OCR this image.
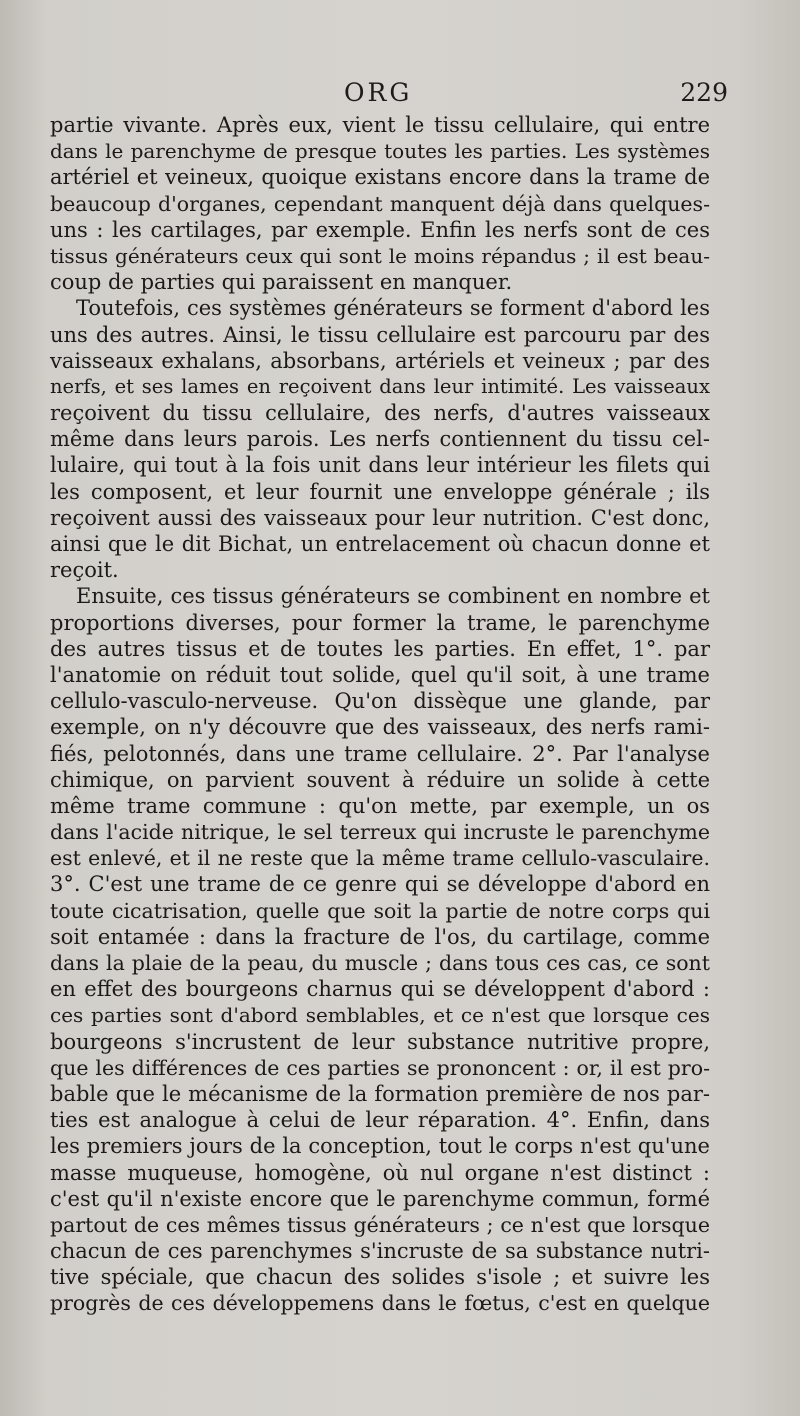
ORG	229
partie vivante. Après eux, vient le tissu cellulaire, qui entre
dans le parenchyme de presque toutes les parties. Les systèmes
artériel et veineux, quoique existans encore dans la trame de
beaucoup d'organes, cependant manquent déjà dans quelques-
uns : les cartilages, par exemple. Enfin les nerfs sont de ces
tissus générateurs ceux qui sont le moins répandus ; il est beau-
coup de parties qui paraissent en manquer.
Toutefois, ces systèmes générateurs se forment d'abord les
uns des autres. Ainsi, le tissu cellulaire est parcouru par des
vaisseaux exhalans, absorbans, artériels et veineux ; par des
nerfs, et ses lames en reçoivent dans leur intimité. Les vaisseaux
reçoivent du tissu cellulaire, des nerfs, d'autres vaisseaux
même dans leurs parois. Les nerfs contiennent du tissu cel-
lulaire, qui tout à la fois unit dans leur intérieur les filets qui
les composent, et leur fournit une enveloppe générale ; ils
reçoivent aussi des vaisseaux pour leur nutrition. C'est donc,
ainsi que le dit Bichat, un entrelacement où chacun donne et
reçoit.
Ensuite, ces tissus générateurs se combinent en nombre et
proportions diverses, pour former la trame, le parenchyme
des autres tissus et de toutes les parties. En effet, 1°. par
l'anatomie on réduit tout solide, quel qu'il soit, à une trame
cellulo-vasculo-nerveuse. Qu'on dissèque une glande, par
exemple, on n'y découvre que des vaisseaux, des nerfs rami-
fiés, pelotonnés, dans une trame cellulaire. 2°. Par l'analyse
chimique, on parvient souvent à réduire un solide à cette
même trame commune : qu'on mette, par exemple, un os
dans l'acide nitrique, le sel terreux qui incruste le parenchyme
est enlevé, et il ne reste que la même trame cellulo-vasculaire.
3°. C'est une trame de ce genre qui se développe d'abord en
toute cicatrisation, quelle que soit la partie de notre corps qui
soit entamée : dans la fracture de l'os, du cartilage, comme
dans la plaie de la peau, du muscle ; dans tous ces cas, ce sont
en effet des bourgeons charnus qui se développent d'abord :
ces parties sont d'abord semblables, et ce n'est que lorsque ces
bourgeons s'incrustent de leur substance nutritive propre,
que les différences de ces parties se prononcent : or, il est pro-
bable que le mécanisme de la formation première de nos par-
ties est analogue à celui de leur réparation. 4°. Enfin, dans
les premiers jours de la conception, tout le corps n'est qu'une
masse muqueuse, homogène, où nul organe n'est distinct :
c'est qu'il n'existe encore que le parenchyme commun, formé
partout de ces mêmes tissus générateurs ; ce n'est que lorsque
chacun de ces parenchymes s'incruste de sa substance nutri-
tive spéciale, que chacun des solides s'isole ; et suivre les
progrès de ces développemens dans le fœtus, c'est en quelque
